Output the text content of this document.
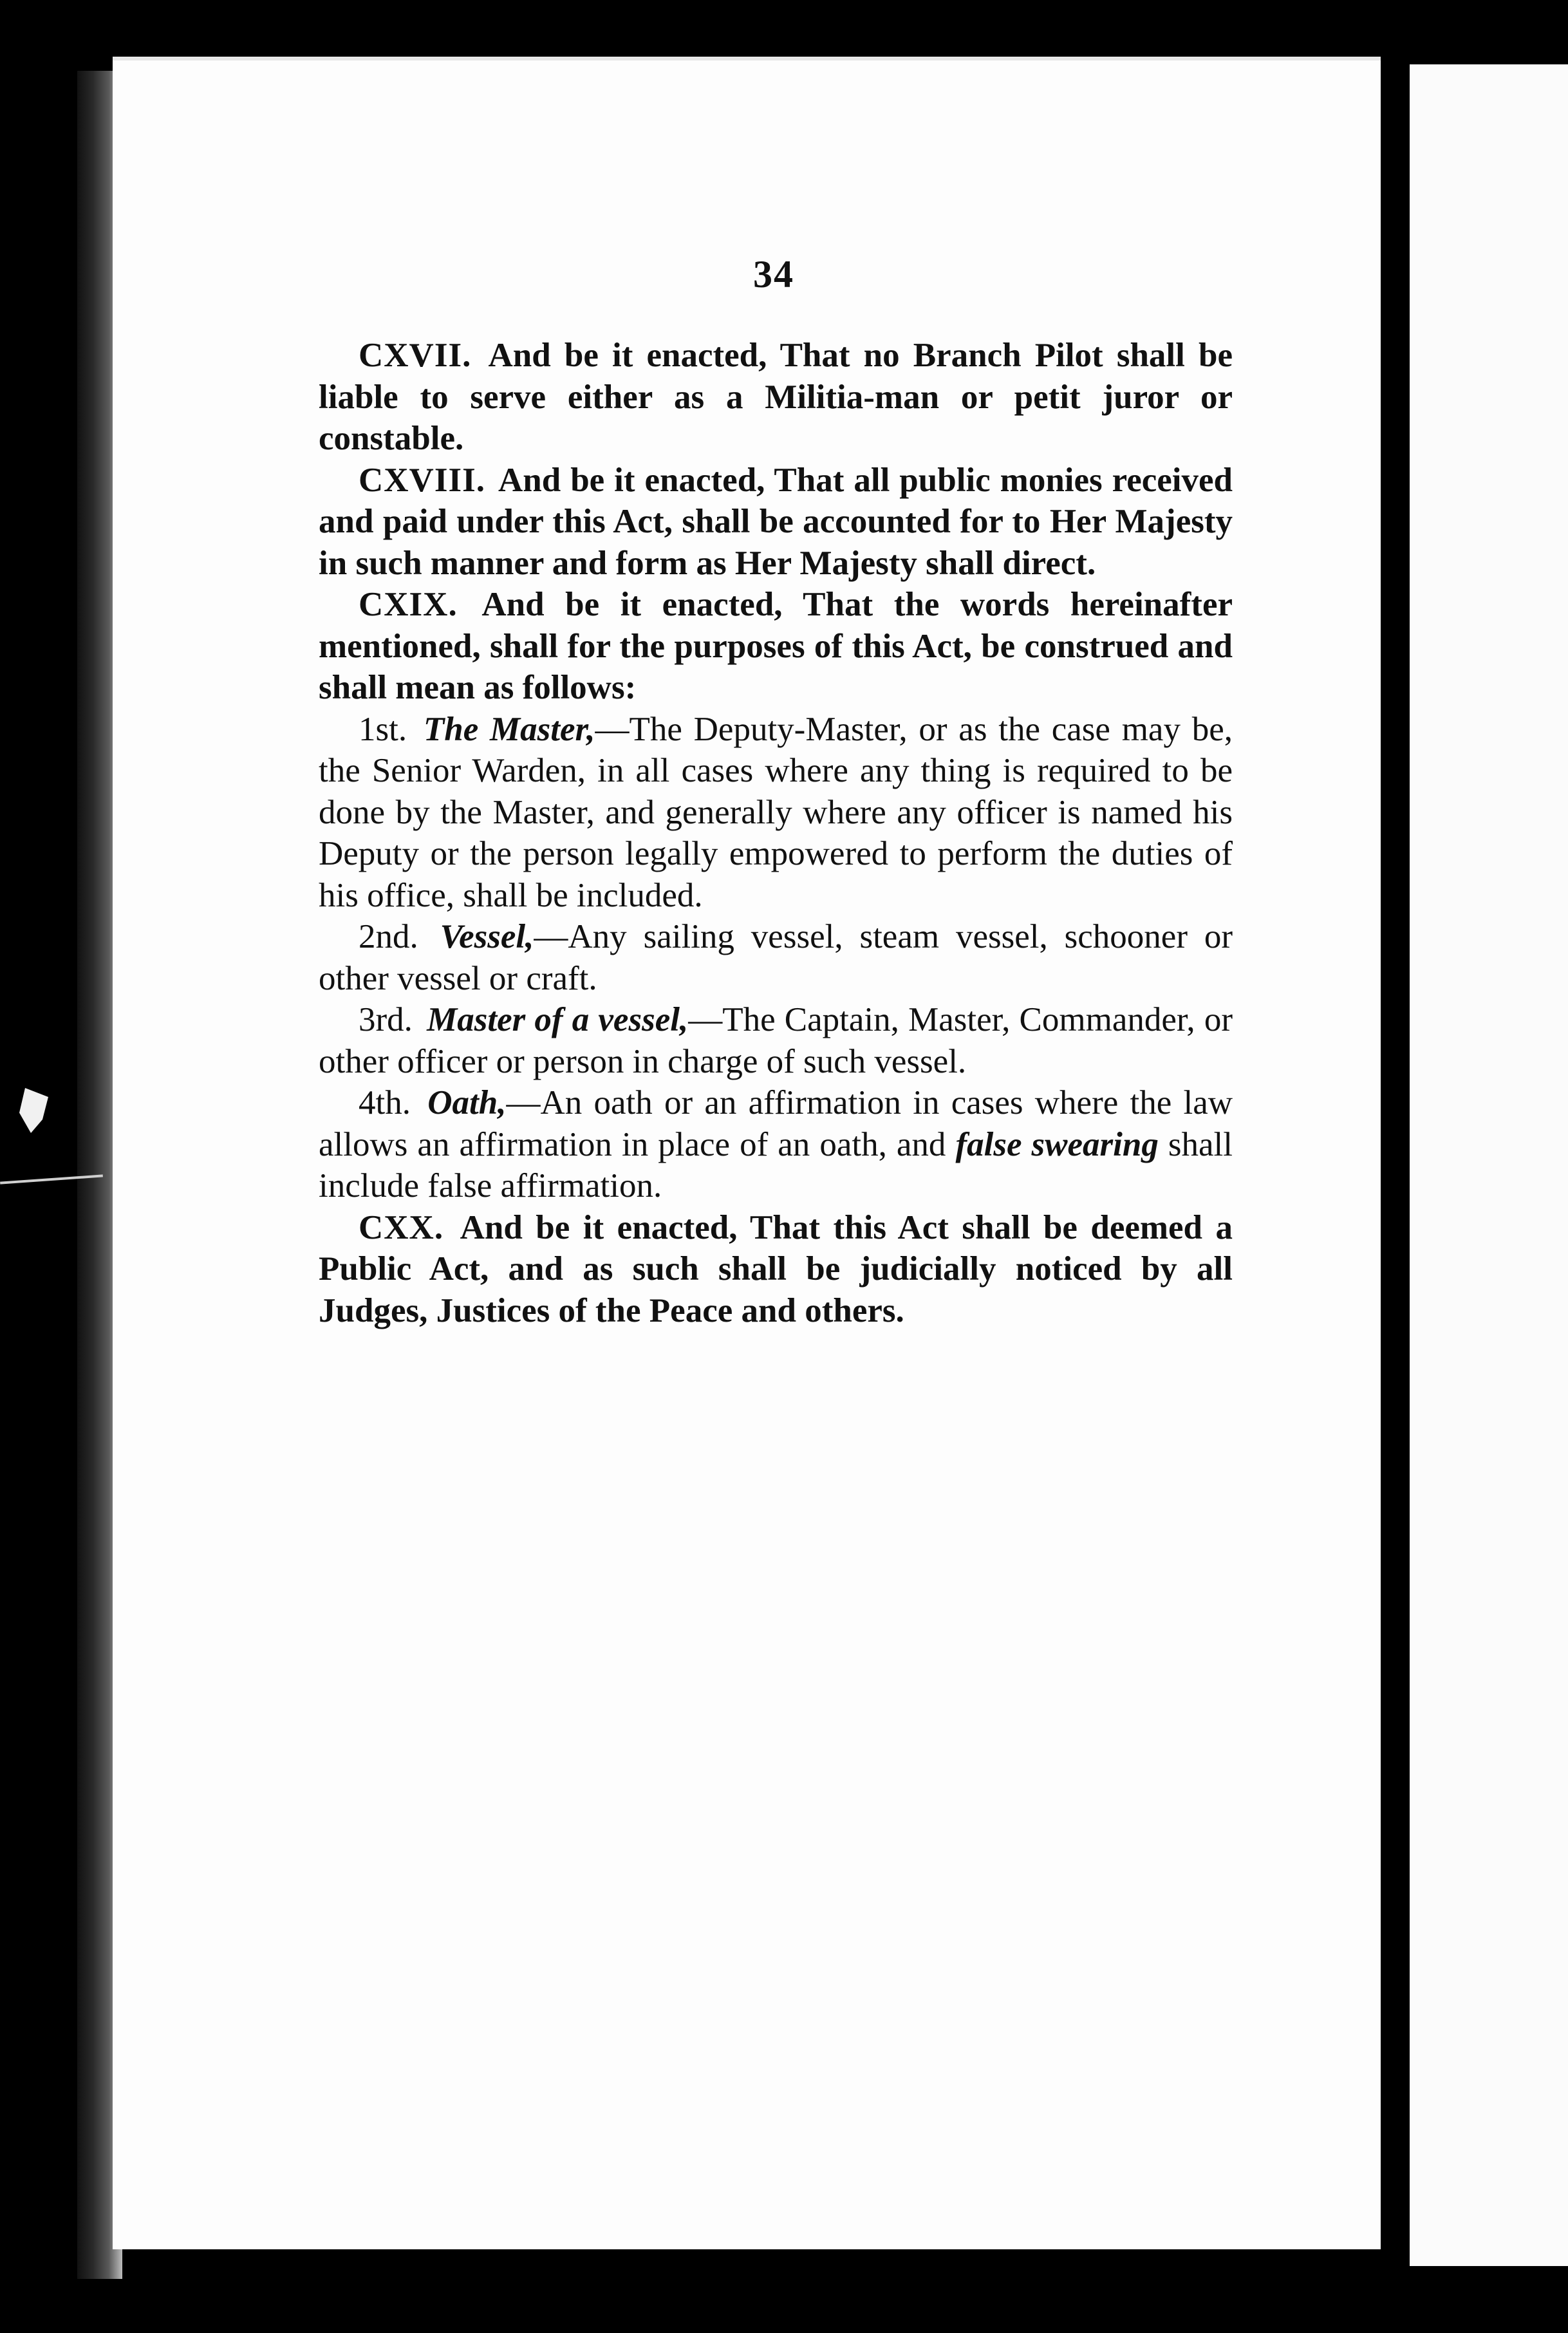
34

CXVII. And be it enacted, That no Branch Pilot shall be liable to serve either as a Militia-man or petit juror or constable.

CXVIII. And be it enacted, That all public monies received and paid under this Act, shall be accounted for to Her Majesty in such manner and form as Her Majesty shall direct.

CXIX. And be it enacted, That the words hereinafter mentioned, shall for the purposes of this Act, be construed and shall mean as follows:

1st. The Master,—The Deputy-Master, or as the case may be, the Senior Warden, in all cases where any thing is required to be done by the Master, and generally where any officer is named his Deputy or the person legally empowered to perform the duties of his office, shall be included.

2nd. Vessel,—Any sailing vessel, steam vessel, schooner or other vessel or craft.

3rd. Master of a vessel,—The Captain, Master, Commander, or other officer or person in charge of such vessel.

4th. Oath,—An oath or an affirmation in cases where the law allows an affirmation in place of an oath, and false swearing shall include false affirmation.

CXX. And be it enacted, That this Act shall be deemed a Public Act, and as such shall be judicially noticed by all Judges, Justices of the Peace and others.
